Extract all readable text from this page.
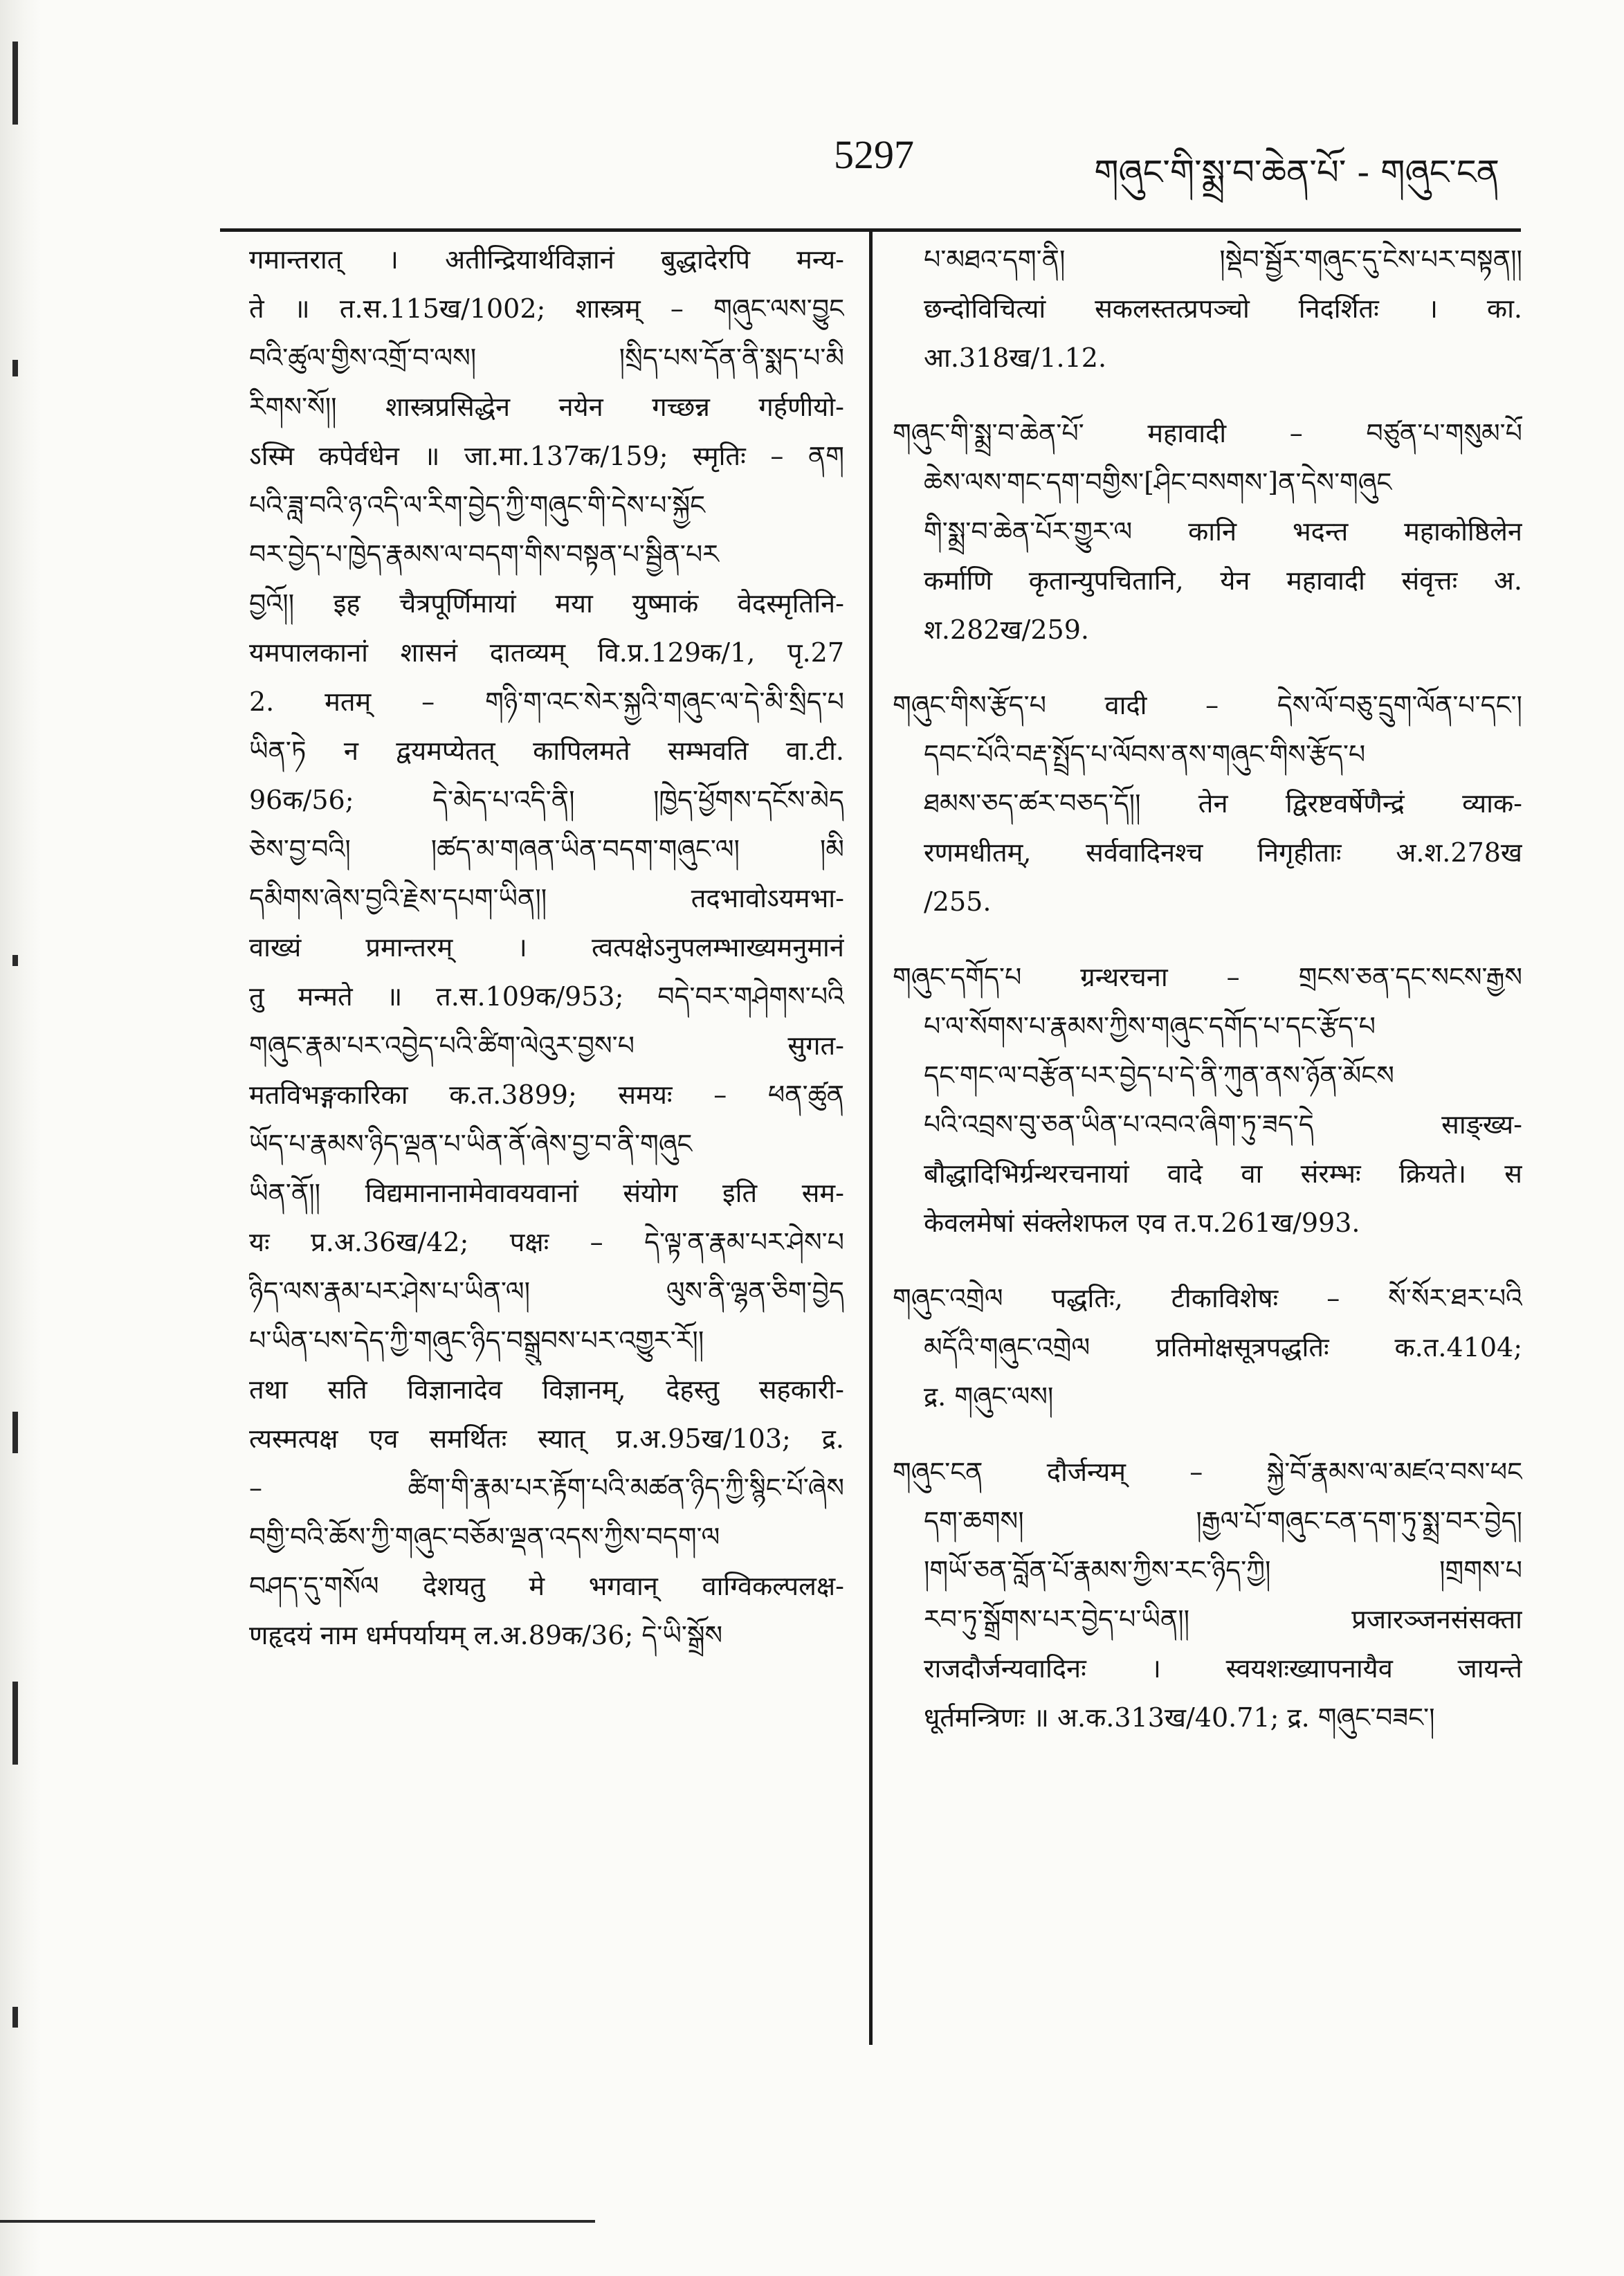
5297	གཞུང་གི་སྨྲ་བ་ཆེན་པོ་ - གཞུང་ངན
गमान्तरात् । अतीन्द्रियार्थविज्ञानं बुद्धादेरपि मन्य-
ते ॥ त.स.115ख/1002; शास्त्रम् – གཞུང་ལས་བྱུང
བའི་ཚུལ་གྱིས་འགྲོ་བ་ལས། །སྲིད་པས་དོན་ནི་སྨད་པ་མི
རིགས་སོ།། शास्त्रप्रसिद्धेन नयेन गच्छन्न गर्हणीयो-
ऽस्मि कपेर्वधेन ॥ जा.मा.137क/159; स्मृतिः – ནག
པའི་ཟླ་བའི་ཉ་འདི་ལ་རིག་བྱེད་ཀྱི་གཞུང་གི་དེས་པ་སྐྱོང
བར་བྱེད་པ་ཁྱེད་རྣམས་ལ་བདག་གིས་བསྟན་པ་སྦྱིན་པར
བྱའོ།། इह चैत्रपूर्णिमायां मया युष्माकं वेदस्मृतिनि-
यमपालकानां शासनं दातव्यम् वि.प्र.129क/1, पृ.27
2. मतम् – གཉི་ག་འང་སེར་སྐྱའི་གཞུང་ལ་དེ་མི་སྲིད་པ
ཡིན་ཏེ न द्वयमप्येतत् कापिलमते सम्भवति वा.टी.
96क/56; དེ་མེད་པ་འདི་ནི། །ཁྱེད་ཕྱོགས་དངོས་མེད
ཅེས་བྱ་བའི། །ཚད་མ་གཞན་ཡིན་བདག་གཞུང་ལ། །མི
དམིགས་ཞེས་བྱའི་རྗེས་དཔག་ཡིན།། तदभावोऽयमभा-
वाख्यं प्रमान्तरम् । त्वत्पक्षेऽनुपलम्भाख्यमनुमानं
तु मन्मते ॥ त.स.109क/953; བདེ་བར་གཤེགས་པའི
གཞུང་རྣམ་པར་འབྱེད་པའི་ཚིག་ལེའུར་བྱས་པ सुगत-
मतविभङ्गकारिका क.त.3899; समयः – ཕན་ཚུན
ཡོད་པ་རྣམས་ཉིད་ལྡན་པ་ཡིན་ནོ་ཞེས་བྱ་བ་ནི་གཞུང
ཡིན་ནོ།། विद्यमानानामेवावयवानां संयोग इति सम-
यः प्र.अ.36ख/42; पक्षः – དེ་ལྟ་ན་རྣམ་པར་ཤེས་པ
ཉིད་ལས་རྣམ་པར་ཤེས་པ་ཡིན་ལ། ལུས་ནི་ལྷན་ཅིག་བྱེད
པ་ཡིན་པས་དེད་ཀྱི་གཞུང་ཉིད་བསྒྲུབས་པར་འགྱུར་རོ།།
तथा सति विज्ञानादेव विज्ञानम्, देहस्तु सहकारी-
त्यस्मत्पक्ष एव समर्थितः स्यात् प्र.अ.95ख/103; द्र.
– ཚིག་གི་རྣམ་པར་རྟོག་པའི་མཚན་ཉིད་ཀྱི་སྙིང་པོ་ཞེས
བགྱི་བའི་ཆོས་ཀྱི་གཞུང་བཅོམ་ལྡན་འདས་ཀྱིས་བདག་ལ
བཤད་དུ་གསོལ देशयतु मे भगवान् वाग्विकल्पलक्ष-
णहृदयं नाम धर्मपर्यायम् ल.अ.89क/36; དེ་ཡི་སྒྲོས
པ་མཐའ་དག་ནི། །སྡེབ་སྦྱོར་གཞུང་དུ་ངེས་པར་བསྟན།།
छन्दोविचित्यां सकलस्तत्प्रपञ्चो निदर्शितः । का.
आ.318ख/1.12.
གཞུང་གི་སྨྲ་བ་ཆེན་པོ་ महावादी – བཙུན་པ་གསུམ་པོ
ཆེས་ལས་གང་དག་བགྱིས་[ཤིང་བསགས་]ན་དེས་གཞུང
གི་སྨྲ་བ་ཆེན་པོར་གྱུར་ལ कानि भदन्त महाकोष्ठिलेन
कर्माणि कृतान्युपचितानि, येन महावादी संवृत्तः अ.
श.282ख/259.
གཞུང་གིས་རྩོད་པ वादी – དེས་ལོ་བཅུ་དྲུག་ལོན་པ་དང་།
དབང་པོའི་བརྡ་སྤྲོད་པ་ལོབས་ནས་གཞུང་གིས་རྩོད་པ
ཐམས་ཅད་ཚར་བཅད་དོ།། तेन द्विरष्टवर्षेणैन्द्रं व्याक-
रणमधीतम्, सर्ववादिनश्च निगृहीताः अ.श.278ख
/255.
གཞུང་དགོད་པ ग्रन्थरचना – གྲངས་ཅན་དང་སངས་རྒྱས
པ་ལ་སོགས་པ་རྣམས་ཀྱིས་གཞུང་དགོད་པ་དང་རྩོད་པ
དང་གང་ལ་བརྩོན་པར་བྱེད་པ་དེ་ནི་ཀུན་ནས་ཉོན་མོངས
པའི་འབྲས་བུ་ཅན་ཡིན་པ་འབའ་ཞིག་ཏུ་ཟད་དེ साङ्ख्य-
बौद्धादिभिर्ग्रन्थरचनायां वादे वा संरम्भः क्रियते। स
केवलमेषां संक्लेशफल एव त.प.261ख/993.
གཞུང་འགྲེལ पद्धतिः, टीकाविशेषः – སོ་སོར་ཐར་པའི
མདོའི་གཞུང་འགྲེལ प्रतिमोक्षसूत्रपद्धतिः क.त.4104;
द्र. གཞུང་ལས།
གཞུང་ངན दौर्जन्यम् – སྐྱེ་བོ་རྣམས་ལ་མཛའ་བས་ཕང
དག་ཆགས། །རྒྱལ་པོ་གཞུང་ངན་དག་ཏུ་སྨྲ་བར་བྱེད།
།གཡོ་ཅན་བློན་པོ་རྣམས་ཀྱིས་རང་ཉིད་ཀྱི། །གྲགས་པ
རབ་ཏུ་སྒྲོགས་པར་བྱེད་པ་ཡིན།། प्रजारञ्जनसंसक्ता
राजदौर्जन्यवादिनः । स्वयशःख्यापनायैव जायन्ते
धूर्तमन्त्रिणः ॥ अ.क.313ख/40.71; द्र. གཞུང་བཟང་།
